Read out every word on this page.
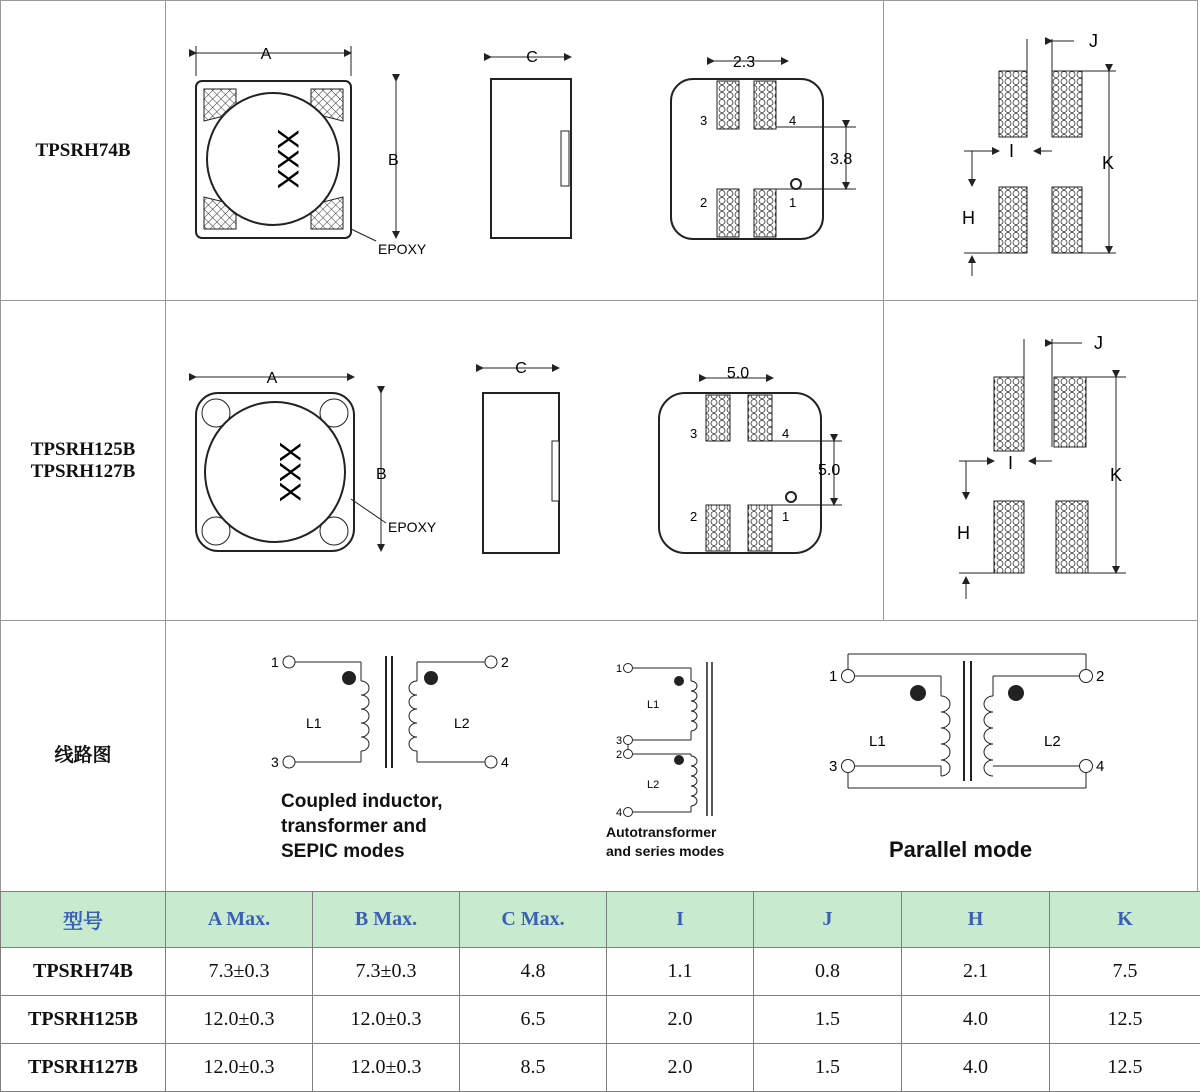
TPSRH74B
A
XXX	B
EPOXY
C	2.3
3	4
2	1
3.8
J
I
K
H
TPSRH125B
TPSRH127B
A
XXX	B
EPOXY
C	5.0
3	4
2	1
5.0
J
I
K
H
线路图
1
3
L1
2
4
L2
Coupled inductor,
transformer and
SEPIC modes
1
3
L1
2
4
L2
Autotransformer
and series modes
1	2
3	4
L1	L2
Parallel mode
型号	A Max.	B Max.	C Max.	I	J	H	K
TPSRH74B	7.3±0.3	7.3±0.3	4.8	1.1	0.8	2.1	7.5
TPSRH125B	12.0±0.3	12.0±0.3	6.5	2.0	1.5	4.0	12.5
TPSRH127B	12.0±0.3	12.0±0.3	8.5	2.0	1.5	4.0	12.5
